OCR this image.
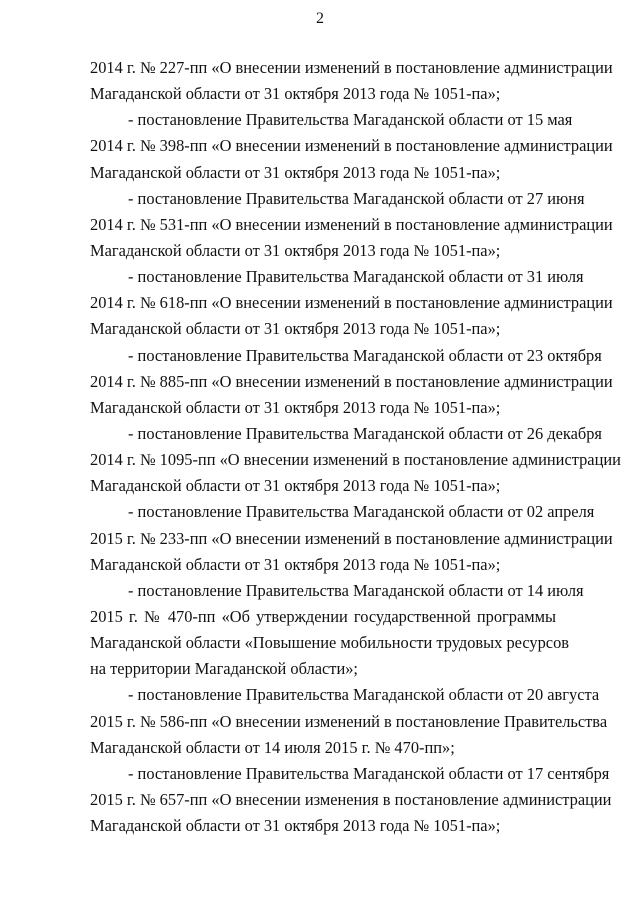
2
2014 г. № 227-пп «О внесении изменений в постановление администрации
Магаданской области от 31 октября 2013 года № 1051-па»;
- постановление Правительства Магаданской области от 15 мая
2014 г. № 398-пп «О внесении изменений в постановление администрации
Магаданской области от 31 октября 2013 года № 1051-па»;
- постановление Правительства Магаданской области от 27 июня
2014 г. № 531-пп «О внесении изменений в постановление администрации
Магаданской области от 31 октября 2013 года № 1051-па»;
- постановление Правительства Магаданской области от 31 июля
2014 г. № 618-пп «О внесении изменений в постановление администрации
Магаданской области от 31 октября 2013 года № 1051-па»;
- постановление Правительства Магаданской области от 23 октября
2014 г. № 885-пп «О внесении изменений в постановление администрации
Магаданской области от 31 октября 2013 года № 1051-па»;
- постановление Правительства Магаданской области от 26 декабря
2014 г. № 1095-пп «О внесении изменений в постановление администрации
Магаданской области от 31 октября 2013 года № 1051-па»;
- постановление Правительства Магаданской области от 02 апреля
2015 г. № 233-пп «О внесении изменений в постановление администрации
Магаданской области от 31 октября 2013 года № 1051-па»;
- постановление Правительства Магаданской области от 14 июля
2015 г. № 470-пп «Об утверждении государственной программы
Магаданской области «Повышение мобильности трудовых ресурсов
на территории Магаданской области»;
- постановление Правительства Магаданской области от 20 августа
2015 г. № 586-пп «О внесении изменений в постановление Правительства
Магаданской области от 14 июля 2015 г. № 470-пп»;
- постановление Правительства Магаданской области от 17 сентября
2015 г. № 657-пп «О внесении изменения в постановление администрации
Магаданской области от 31 октября 2013 года № 1051-па»;
